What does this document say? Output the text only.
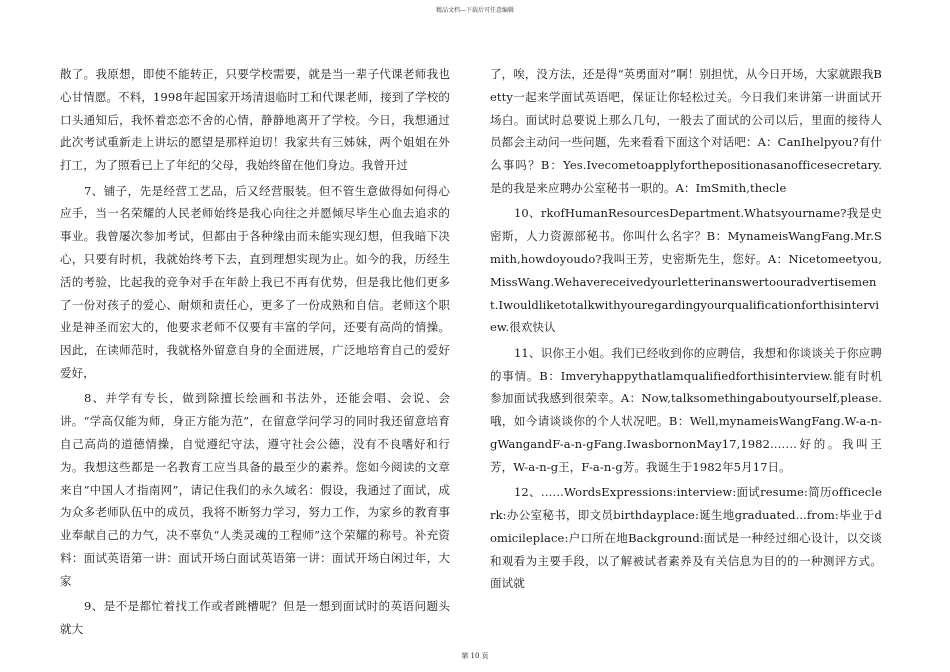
精品文档---下载后可任意编辑

散了。我原想，即使不能转正，只要学校需要，就是当一辈子代课老师我也心甘情愿。不料，1998年起国家开场清退临时工和代课老师，接到了学校的口头通知后，我怀着恋恋不舍的心情，静静地离开了学校。今日，我想通过此次考试重新走上讲坛的愿望是那样迫切！我家共有三姊妹，两个姐姐在外打工，为了照看已上了年纪的父母，我始终留在他们身边。我曾开过

7、铺子，先是经营工艺品，后又经营服装。但不管生意做得如何得心应手，当一名荣耀的人民老师始终是我心向往之并愿倾尽毕生心血去追求的事业。我曾屡次参加考试，但都由于各种缘由而未能实现幻想，但我暗下决心，只要有时机，我就始终考下去，直到理想实现为止。如今的我，历经生活的考验，比起我的竞争对手在年龄上我已不再有优势，但是我比他们更多了一份对孩子的爱心、耐烦和责任心，更多了一份成熟和自信。老师这个职业是神圣而宏大的，他要求老师不仅要有丰富的学问，还要有高尚的情操。因此，在读师范时，我就格外留意自身的全面进展，广泛地培育自己的爱好爱好，

8、并学有专长，做到除擅长绘画和书法外，还能会唱、会说、会讲。“学高仅能为师，身正方能为范”，在留意学问学习的同时我还留意培育自己高尚的道德情操，自觉遵纪守法，遵守社会公德，没有不良嗜好和行为。我想这些都是一名教育工应当具备的最至少的素养。您如今阅读的文章来自“中国人才指南网”，请记住我们的永久域名：假设，我通过了面试，成为众多老师队伍中的成员，我将不断努力学习，努力工作，为家乡的教育事业奉献自己的力气，决不辜负“人类灵魂的工程师”这个荣耀的称号。补充资料：面试英语第一讲：面试开场白面试英语第一讲：面试开场白闲过年，大家

9、是不是都忙着找工作或者跳槽呢？但是一想到面试时的英语问题头就大

了，唉，没方法，还是得“英勇面对”啊！别担忧，从今日开场，大家就跟我Betty一起来学面试英语吧，保证让你轻松过关。今日我们来讲第一讲面试开场白。面试时总要说上那么几句，一般去了面试的公司以后，里面的接待人员都会主动问一些问题，先来看看下面这个对话吧：A：CanIhelpyou?有什么事吗？B：Yes.Ivecometoapplyforthepositionasanofficesecretary.是的我是来应聘办公室秘书一职的。A：ImSmith,thecle

10、rkofHumanResourcesDepartment.Whatsyourname?我是史密斯，人力资源部秘书。你叫什么名字？B：MynameisWangFang.Mr.Smith,howdoyoudo?我叫王芳，史密斯先生，您好。A：Nicetomeetyou,MissWang.Wehavereceivedyourletterinanswertoouradvertisement.Iwouldliketotalkwithyouregardingyourqualificationforthisinterview.很欢快认

11、识你王小姐。我们已经收到你的应聘信，我想和你谈谈关于你应聘的事情。B：Imveryhappythatlamqualifiedforthisinterview.能有时机参加面试我感到很荣幸。A：Now,talksomethingaboutyourself,please.哦，如今请谈谈你的个人状况吧。B：Well,mynameisWangFang.W-a-n-gWangandF-a-n-gFang.IwasbornonMay17,1982.……好的。我叫王芳，W-a-n-g王，F-a-n-g芳。我诞生于1982年5月17日。

12、……WordsExpressions:interview:面试resume:简历officeclerk:办公室秘书，即文员birthdayplace:诞生地graduated...from:毕业于domicileplace:户口所在地Background:面试是一种经过细心设计，以交谈和观看为主要手段，以了解被试者素养及有关信息为目的的一种测评方式。面试就

第 10 页
